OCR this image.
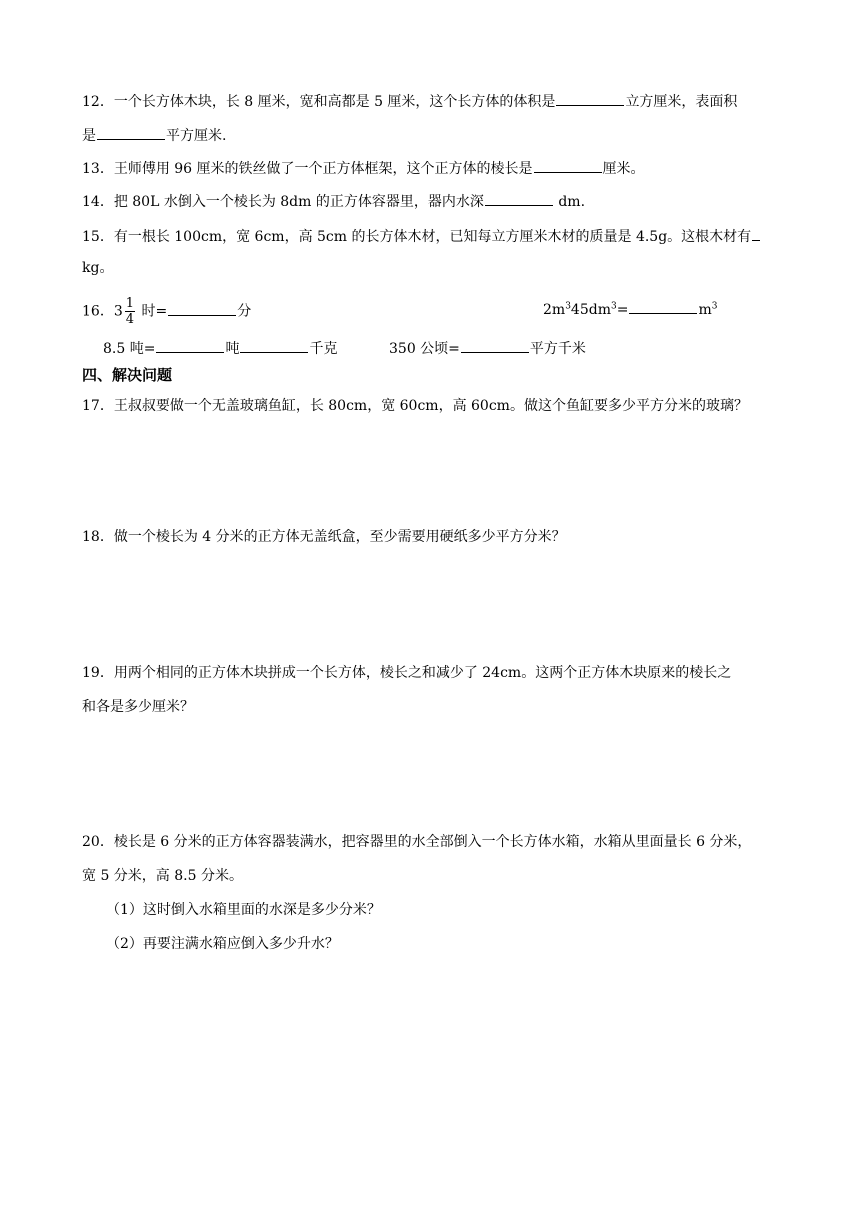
12．一个长方体木块，长 8 厘米，宽和高都是 5 厘米，这个长方体的体积是	立方厘米，表面积
是	平方厘米.
13．王师傅用 96 厘米的铁丝做了一个正方体框架，这个正方体的棱长是	厘米。
14．把 80L 水倒入一个棱长为 8dm 的正方体容器里，器内水深	dm.
15．有一根长 100cm，宽 6cm，高 5cm 的长方体木材，已知每立方厘米木材的质量是 4.5g。这根木材有
kg。
16．$3 \frac{1}{4}$ 时=	分	$2m^345dm^3=$	$m^3$
8.5 吨=	吨	千克	350 公顷=	平方千米
四、解决问题
17．王叔叔要做一个无盖玻璃鱼缸，长 80cm，宽 60cm，高 60cm。做这个鱼缸要多少平方分米的玻璃？
18．做一个棱长为 4 分米的正方体无盖纸盒，至少需要用硬纸多少平方分米？
19．用两个相同的正方体木块拼成一个长方体，棱长之和减少了 24cm。这两个正方体木块原来的棱长之
和各是多少厘米？
20．棱长是 6 分米的正方体容器装满水，把容器里的水全部倒入一个长方体水箱，水箱从里面量长 6 分米，
宽 5 分米，高 8.5 分米。
（1）这时倒入水箱里面的水深是多少分米？
（2）再要注满水箱应倒入多少升水？
